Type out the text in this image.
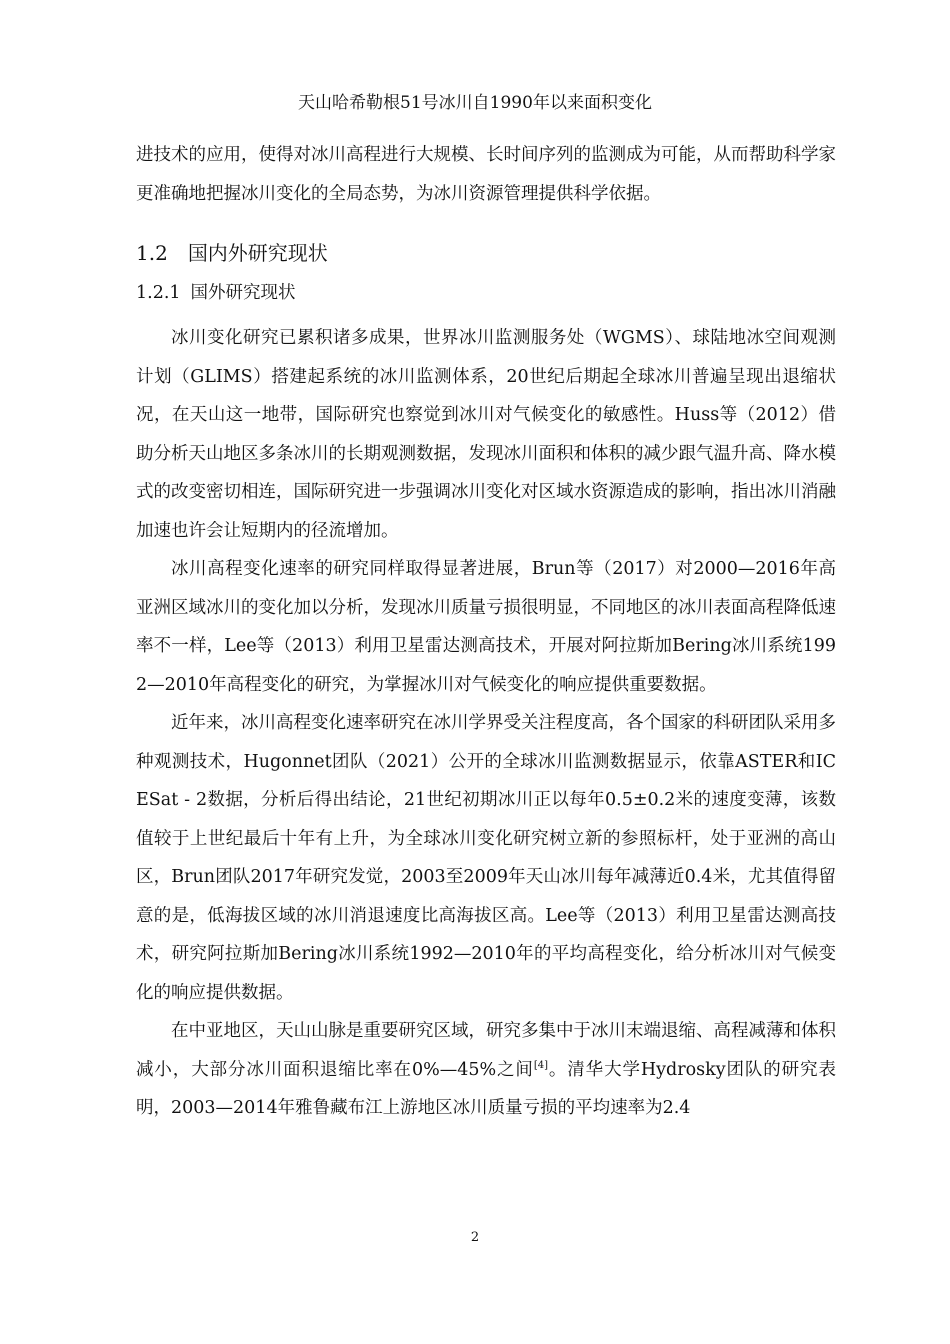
天山哈希勒根51号冰川自1990年以来面积变化

进技术的应用，使得对冰川高程进行大规模、长时间序列的监测成为可能，从而帮助科学家更准确地把握冰川变化的全局态势，为冰川资源管理提供科学依据。

1.2 国内外研究现状
1.2.1 国外研究现状

冰川变化研究已累积诸多成果，世界冰川监测服务处（WGMS）、球陆地冰空间观测计划（GLIMS）搭建起系统的冰川监测体系，20世纪后期起全球冰川普遍呈现出退缩状况，在天山这一地带，国际研究也察觉到冰川对气候变化的敏感性。Huss等（2012）借助分析天山地区多条冰川的长期观测数据，发现冰川面积和体积的减少跟气温升高、降水模式的改变密切相连，国际研究进一步强调冰川变化对区域水资源造成的影响，指出冰川消融加速也许会让短期内的径流增加。

冰川高程变化速率的研究同样取得显著进展，Brun等（2017）对2000—2016年高亚洲区域冰川的变化加以分析，发现冰川质量亏损很明显，不同地区的冰川表面高程降低速率不一样，Lee等（2013）利用卫星雷达测高技术，开展对阿拉斯加Bering冰川系统1992—2010年高程变化的研究，为掌握冰川对气候变化的响应提供重要数据。

近年来，冰川高程变化速率研究在冰川学界受关注程度高，各个国家的科研团队采用多种观测技术，Hugonnet团队（2021）公开的全球冰川监测数据显示，依靠ASTER和ICESat - 2数据，分析后得出结论，21世纪初期冰川正以每年0.5±0.2米的速度变薄，该数值较于上世纪最后十年有上升，为全球冰川变化研究树立新的参照标杆，处于亚洲的高山区，Brun团队2017年研究发觉，2003至2009年天山冰川每年减薄近0.4米，尤其值得留意的是，低海拔区域的冰川消退速度比高海拔区高。Lee等（2013）利用卫星雷达测高技术，研究阿拉斯加Bering冰川系统1992—2010年的平均高程变化，给分析冰川对气候变化的响应提供数据。

在中亚地区，天山山脉是重要研究区域，研究多集中于冰川末端退缩、高程减薄和体积减小，大部分冰川面积退缩比率在0%—45%之间[4]。清华大学Hydrosky团队的研究表明，2003—2014年雅鲁藏布江上游地区冰川质量亏损的平均速率为2.4

2
